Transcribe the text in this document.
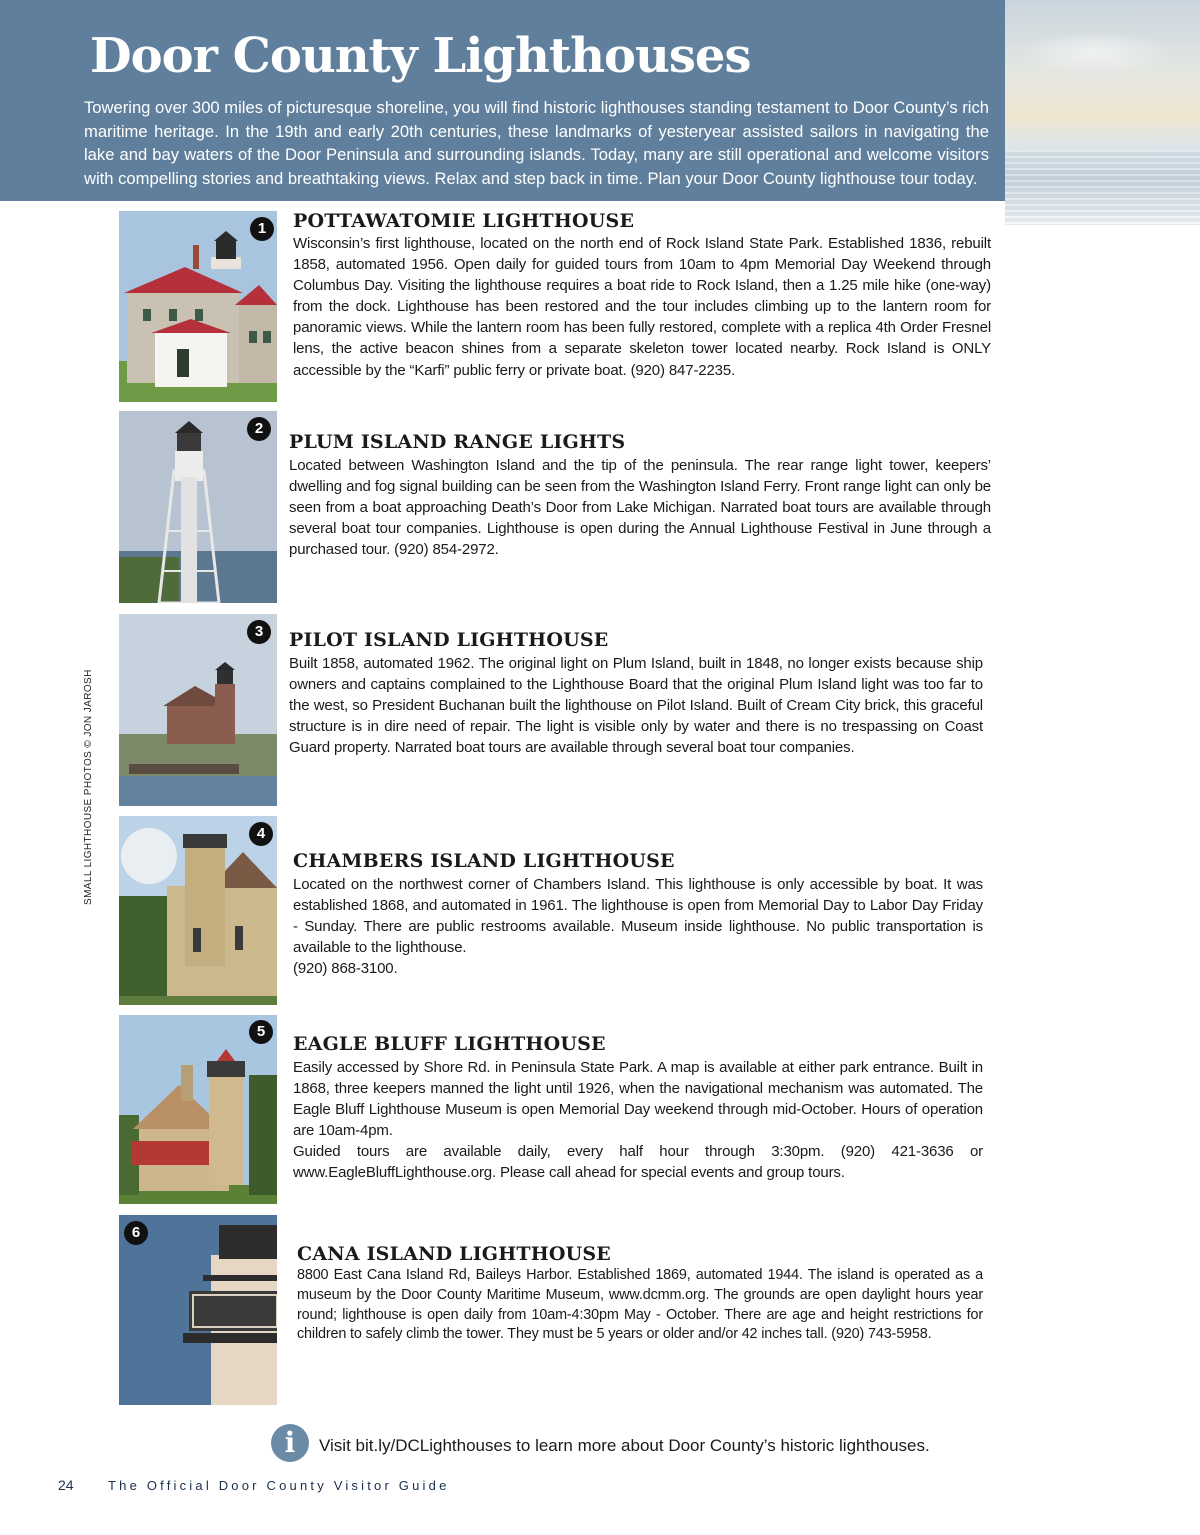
Door County Lighthouses

Towering over 300 miles of picturesque shoreline, you will find historic lighthouses standing testament to Door County’s rich maritime heritage. In the 19th and early 20th centuries, these landmarks of yesteryear assisted sailors in navigating the lake and bay waters of the Door Peninsula and surrounding islands. Today, many are still operational and welcome visitors with compelling stories and breathtaking views. Relax and step back in time. Plan your Door County lighthouse tour today.

SMALL LIGHTHOUSE PHOTOS © JON JAROSH
1	POTTAWATOMIE LIGHTHOUSE

Wisconsin’s first lighthouse, located on the north end of Rock Island State Park. Established 1836, rebuilt 1858, automated 1956. Open daily for guided tours from 10am to 4pm Memorial Day Weekend through Columbus Day. Visiting the lighthouse requires a boat ride to Rock Island, then a 1.25 mile hike (one-way) from the dock. Lighthouse has been restored and the tour includes climbing up to the lantern room for panoramic views. While the lantern room has been fully restored, complete with a replica 4th Order Fresnel lens, the active beacon shines from a separate skeleton tower located nearby. Rock Island is ONLY accessible by the “Karfi” public ferry or private boat. (920) 847-2235.

2
PLUM ISLAND RANGE LIGHTS

Located between Washington Island and the tip of the peninsula. The rear range light tower, keepers’ dwelling and fog signal building can be seen from the Washington Island Ferry. Front range light can only be seen from a boat approaching Death’s Door from Lake Michigan. Narrated boat tours are available through several boat tour companies. Lighthouse is open during the Annual Lighthouse Festival in June through a purchased tour. (920) 854-2972.

3	PILOT ISLAND LIGHTHOUSE

Built 1858, automated 1962. The original light on Plum Island, built in 1848, no longer exists because ship owners and captains complained to the Lighthouse Board that the original Plum Island light was too far to the west, so President Buchanan built the lighthouse on Pilot Island. Built of Cream City brick, this graceful structure is in dire need of repair. The light is visible only by water and there is no trespassing on Coast Guard property. Narrated boat tours are available through several boat tour companies.

4
CHAMBERS ISLAND LIGHTHOUSE

Located on the northwest corner of Chambers Island. This lighthouse is only accessible by boat. It was established 1868, and automated in 1961. The lighthouse is open from Memorial Day to Labor Day Friday - Sunday. There are public restrooms available. Museum inside lighthouse. No public transportation is available to the lighthouse.

(920) 868-3100.

5
EAGLE BLUFF LIGHTHOUSE

Easily accessed by Shore Rd. in Peninsula State Park. A map is available at either park entrance. Built in 1868, three keepers manned the light until 1926, when the navigational mechanism was automated. The Eagle Bluff Lighthouse Museum is open Memorial Day weekend through mid-October. Hours of operation are 10am-4pm.

Guided tours are available daily, every half hour through 3:30pm. (920) 421-3636 or www.EagleBluffLighthouse.org. Please call ahead for special events and group tours.

6
CANA ISLAND LIGHTHOUSE

8800 East Cana Island Rd, Baileys Harbor. Established 1869, automated 1944. The island is operated as a museum by the Door County Maritime Museum, www.dcmm.org. The grounds are open daylight hours year round; lighthouse is open daily from 10am-4:30pm May - October. There are age and height restrictions for children to safely climb the tower. They must be 5 years or older and/or 42 inches tall. (920) 743-5958.

i	Visit bit.ly/DCLighthouses to learn more about Door County’s historic lighthouses.
24	The Official Door County Visitor Guide
